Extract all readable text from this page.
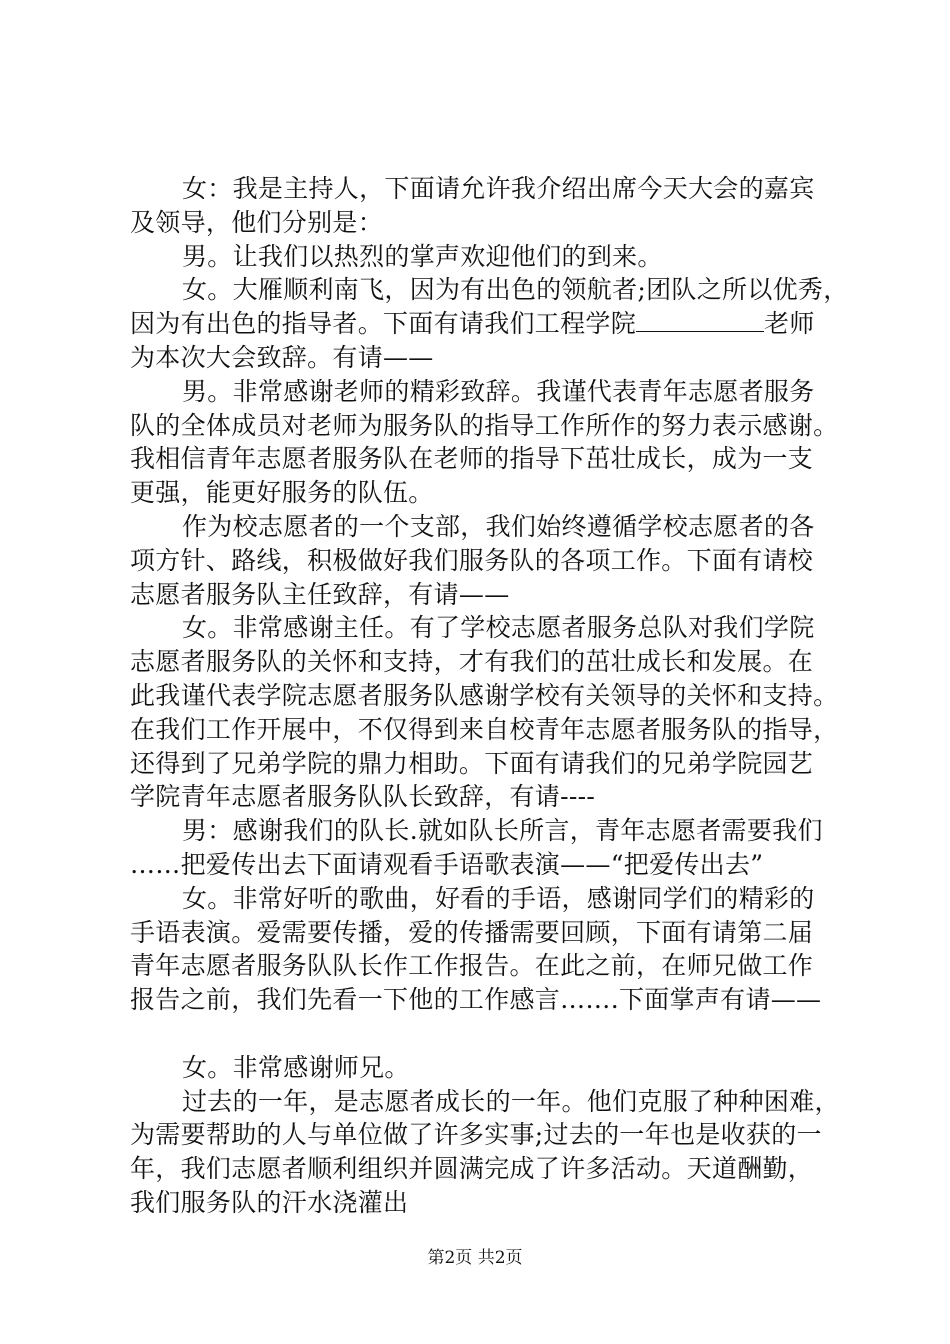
女：我是主持人，下面请允许我介绍出席今天大会的嘉宾
及领导，他们分别是：
男。让我们以热烈的掌声欢迎他们的到来。
女。大雁顺利南飞，因为有出色的领航者;团队之所以优秀，
因为有出色的指导者。下面有请我们工程学院	老师
为本次大会致辞。有请——
男。非常感谢老师的精彩致辞。我谨代表青年志愿者服务
队的全体成员对老师为服务队的指导工作所作的努力表示感谢。
我相信青年志愿者服务队在老师的指导下茁壮成长，成为一支
更强，能更好服务的队伍。
作为校志愿者的一个支部，我们始终遵循学校志愿者的各
项方针、路线，积极做好我们服务队的各项工作。下面有请校
志愿者服务队主任致辞，有请——
女。非常感谢主任。有了学校志愿者服务总队对我们学院
志愿者服务队的关怀和支持，才有我们的茁壮成长和发展。在
此我谨代表学院志愿者服务队感谢学校有关领导的关怀和支持。
在我们工作开展中，不仅得到来自校青年志愿者服务队的指导，
还得到了兄弟学院的鼎力相助。下面有请我们的兄弟学院园艺
学院青年志愿者服务队队长致辞，有请----
男：感谢我们的队长.就如队长所言，青年志愿者需要我们
……把爱传出去下面请观看手语歌表演——“把爱传出去”
女。非常好听的歌曲，好看的手语，感谢同学们的精彩的
手语表演。爱需要传播，爱的传播需要回顾，下面有请第二届
青年志愿者服务队队长作工作报告。在此之前，在师兄做工作
报告之前，我们先看一下他的工作感言…….下面掌声有请——
女。非常感谢师兄。
过去的一年，是志愿者成长的一年。他们克服了种种困难，
为需要帮助的人与单位做了许多实事;过去的一年也是收获的一
年，我们志愿者顺利组织并圆满完成了许多活动。天道酬勤，
我们服务队的汗水浇灌出
第2页 共2页
